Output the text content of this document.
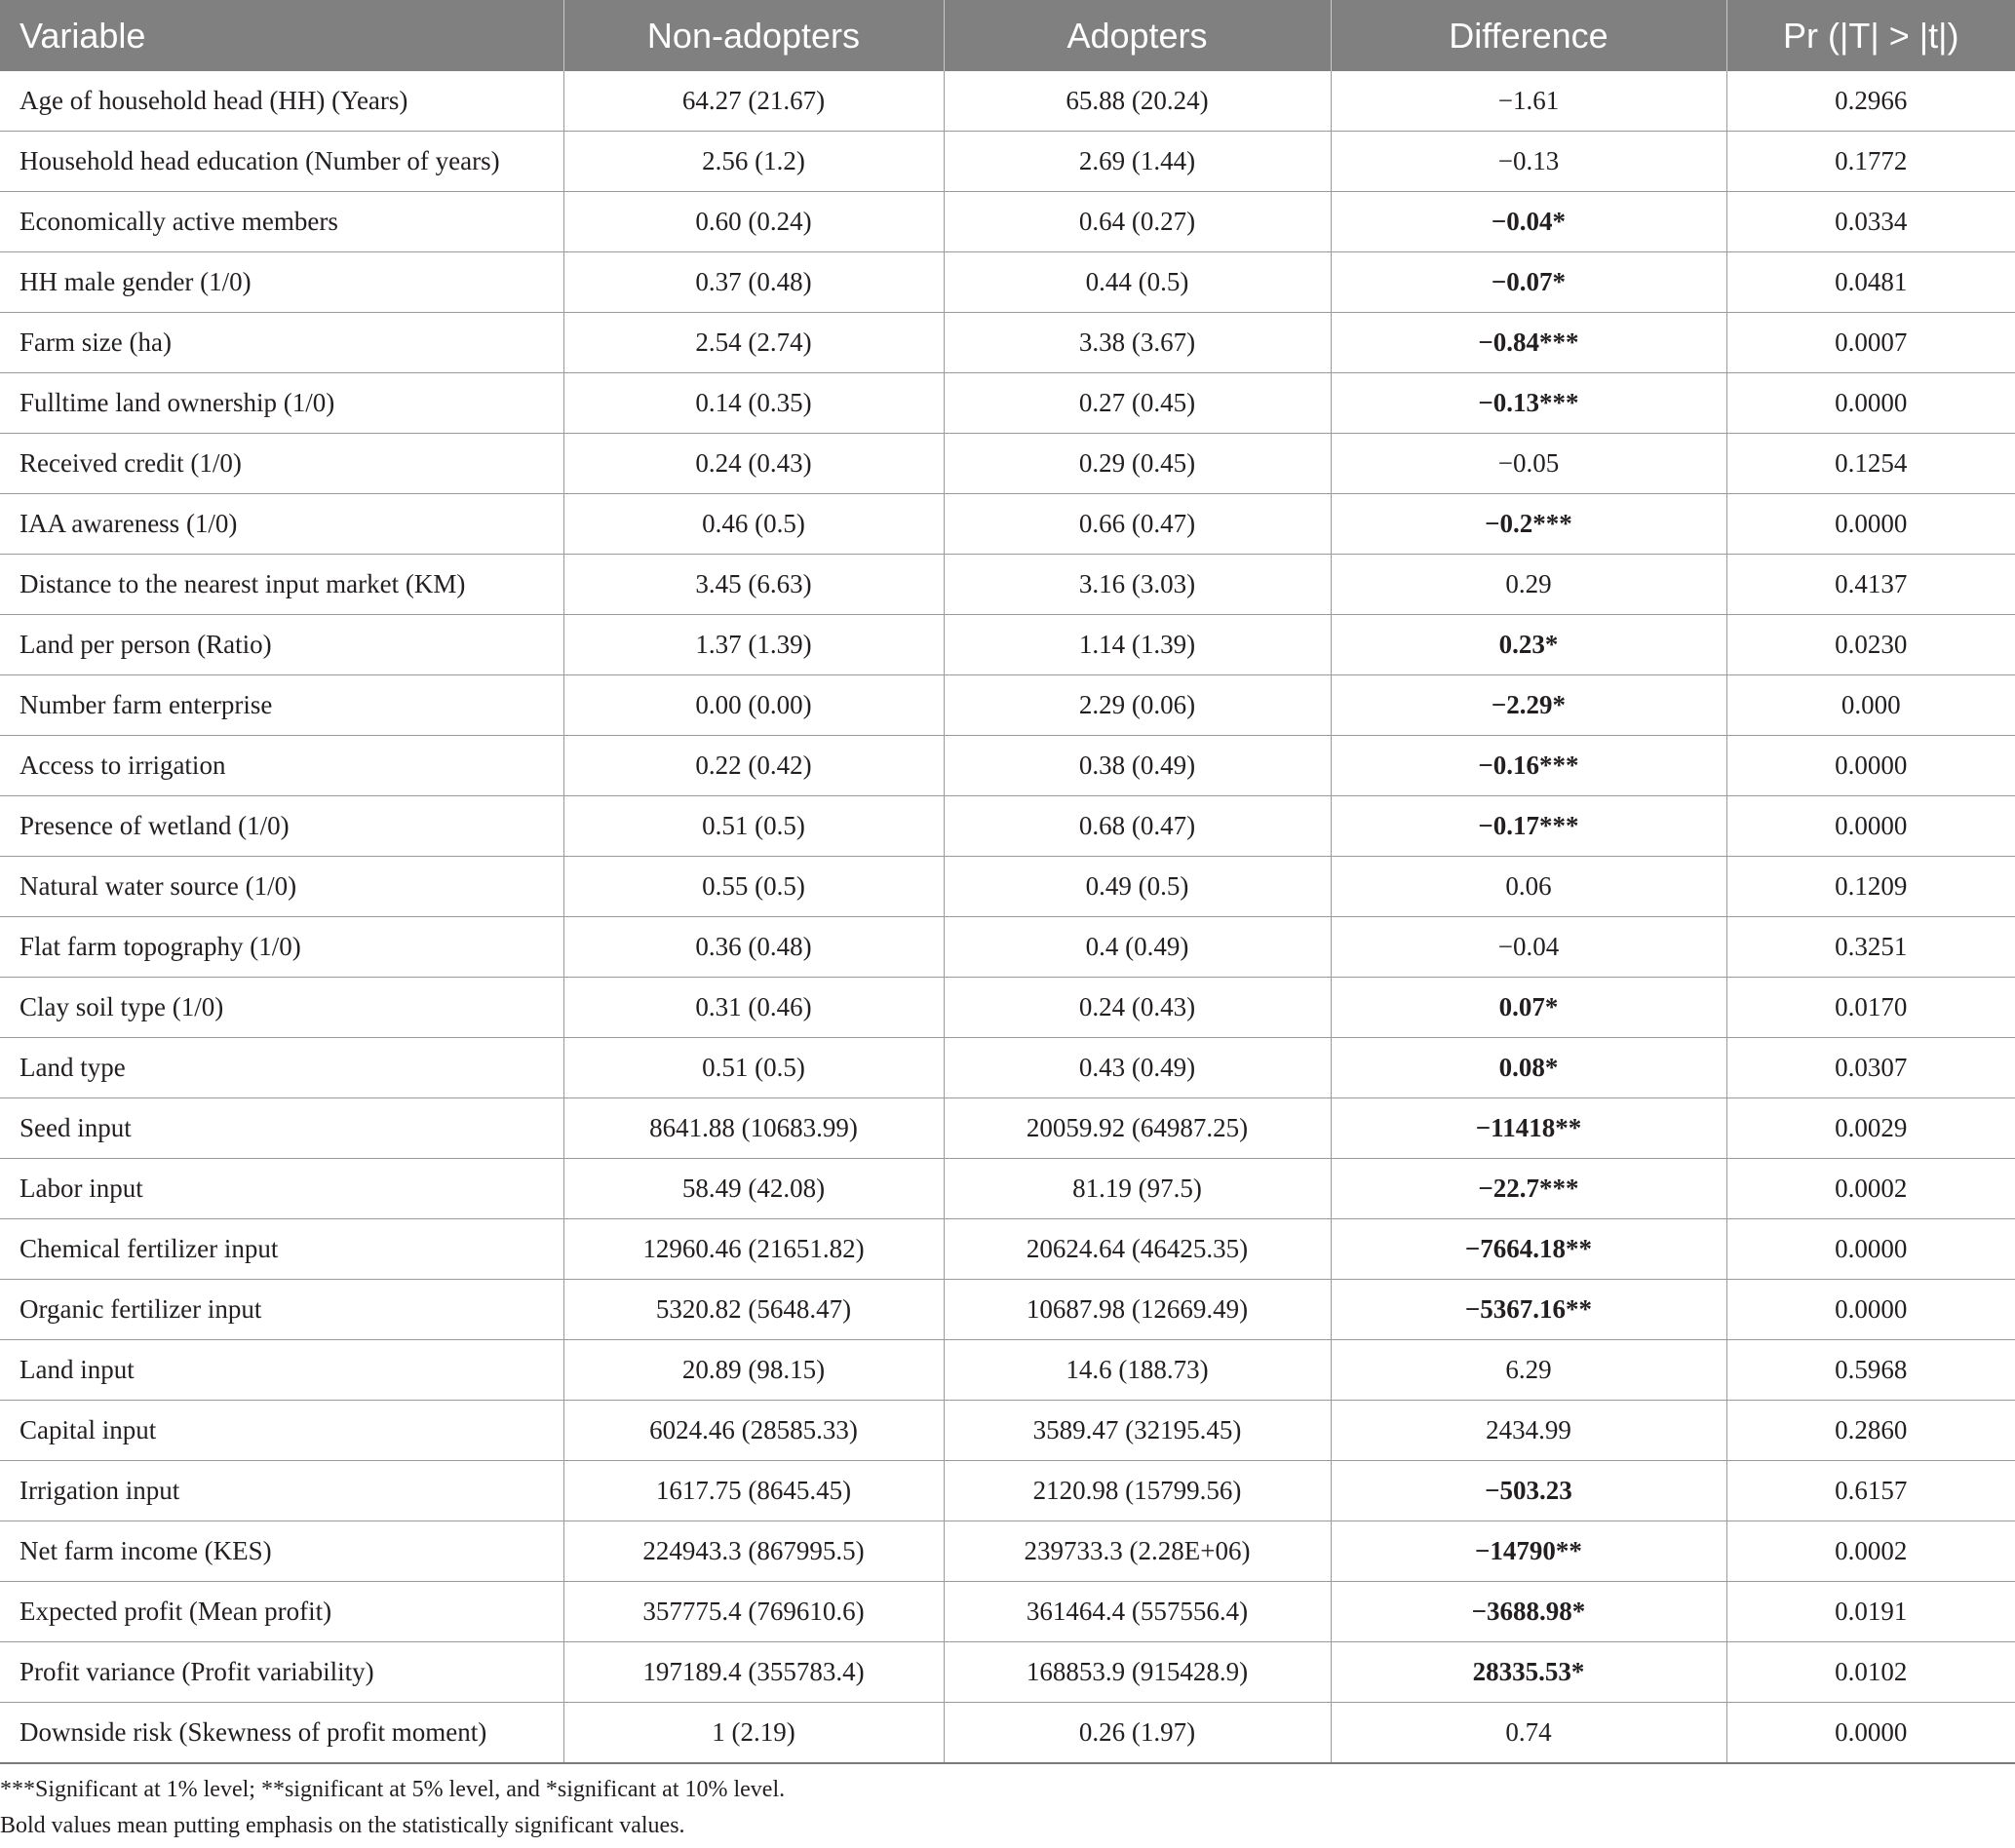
Variable	Non-adopters	Adopters	Difference	Pr (|T| > |t|)
Age of household head (HH) (Years)	64.27 (21.67)	65.88 (20.24)	−1.61	0.2966
Household head education (Number of years)	2.56 (1.2)	2.69 (1.44)	−0.13	0.1772
Economically active members	0.60 (0.24)	0.64 (0.27)	−0.04*	0.0334
HH male gender (1/0)	0.37 (0.48)	0.44 (0.5)	−0.07*	0.0481
Farm size (ha)	2.54 (2.74)	3.38 (3.67)	−0.84***	0.0007
Fulltime land ownership (1/0)	0.14 (0.35)	0.27 (0.45)	−0.13***	0.0000
Received credit (1/0)	0.24 (0.43)	0.29 (0.45)	−0.05	0.1254
IAA awareness (1/0)	0.46 (0.5)	0.66 (0.47)	−0.2***	0.0000
Distance to the nearest input market (KM)	3.45 (6.63)	3.16 (3.03)	0.29	0.4137
Land per person (Ratio)	1.37 (1.39)	1.14 (1.39)	0.23*	0.0230
Number farm enterprise	0.00 (0.00)	2.29 (0.06)	−2.29*	0.000
Access to irrigation	0.22 (0.42)	0.38 (0.49)	−0.16***	0.0000
Presence of wetland (1/0)	0.51 (0.5)	0.68 (0.47)	−0.17***	0.0000
Natural water source (1/0)	0.55 (0.5)	0.49 (0.5)	0.06	0.1209
Flat farm topography (1/0)	0.36 (0.48)	0.4 (0.49)	−0.04	0.3251
Clay soil type (1/0)	0.31 (0.46)	0.24 (0.43)	0.07*	0.0170
Land type	0.51 (0.5)	0.43 (0.49)	0.08*	0.0307
Seed input	8641.88 (10683.99)	20059.92 (64987.25)	−11418**	0.0029
Labor input	58.49 (42.08)	81.19 (97.5)	−22.7***	0.0002
Chemical fertilizer input	12960.46 (21651.82)	20624.64 (46425.35)	−7664.18**	0.0000
Organic fertilizer input	5320.82 (5648.47)	10687.98 (12669.49)	−5367.16**	0.0000
Land input	20.89 (98.15)	14.6 (188.73)	6.29	0.5968
Capital input	6024.46 (28585.33)	3589.47 (32195.45)	2434.99	0.2860
Irrigation input	1617.75 (8645.45)	2120.98 (15799.56)	−503.23	0.6157
Net farm income (KES)	224943.3 (867995.5)	239733.3 (2.28E+06)	−14790**	0.0002
Expected profit (Mean profit)	357775.4 (769610.6)	361464.4 (557556.4)	−3688.98*	0.0191
Profit variance (Profit variability)	197189.4 (355783.4)	168853.9 (915428.9)	28335.53*	0.0102
Downside risk (Skewness of profit moment)	1 (2.19)	0.26 (1.97)	0.74	0.0000
***Significant at 1% level; **significant at 5% level, and *significant at 10% level.
Bold values mean putting emphasis on the statistically significant values.
